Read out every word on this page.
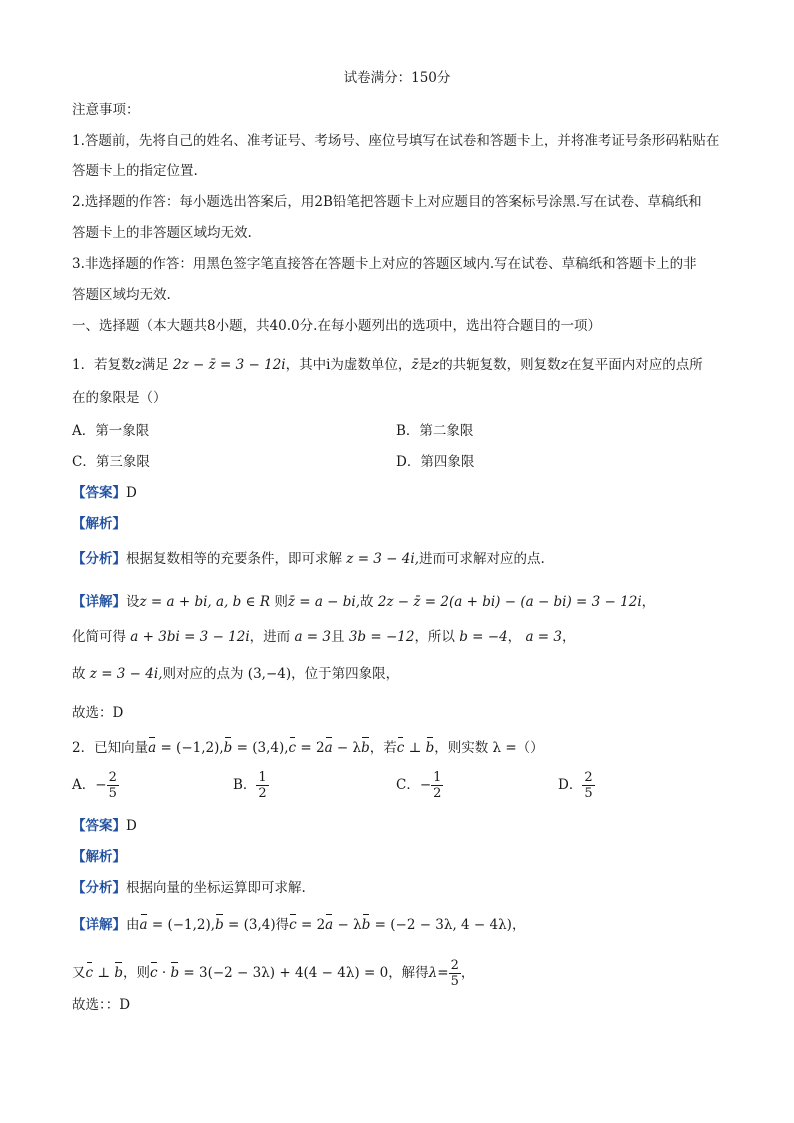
试卷满分：150分
注意事项：
1.答题前，先将自己的姓名、准考证号、考场号、座位号填写在试卷和答题卡上，并将准考证号条形码粘贴在
答题卡上的指定位置.
2.选择题的作答：每小题选出答案后，用2B铅笔把答题卡上对应题目的答案标号涂黑.写在试卷、草稿纸和
答题卡上的非答题区域均无效.
3.非选择题的作答：用黑色签字笔直接答在答题卡上对应的答题区域内.写在试卷、草稿纸和答题卡上的非
答题区域均无效.
一、选择题（本大题共8小题，共40.0分.在每小题列出的选项中，选出符合题目的一项）
1．若复数z满足 2z − z̄ = 3 − 12i，其中i为虚数单位，z̄是z的共轭复数，则复数z在复平面内对应的点所
在的象限是（）
A．第一象限	B．第二象限
C．第三象限	D．第四象限
【答案】D
【解析】
【分析】根据复数相等的充要条件，即可求解 z = 3 − 4i,进而可求解对应的点.
【详解】设z = a + bi, a, b ∈ R 则z̄ = a − bi,故 2z − z̄ = 2(a + bi) − (a − bi) = 3 − 12i，
化简可得 a + 3bi = 3 − 12i，进而 a = 3且 3b = −12，所以 b = −4， a = 3，
故 z = 3 − 4i,则对应的点为 (3,−4)，位于第四象限，
故选：D
2．已知向量a = (−1,2),b = (3,4),c = 2a − λb，若c ⊥ b，则实数 λ =（）
A．− $\frac{2}{5}$	B． $\frac{1}{2}$	C．− $\frac{1}{2}$	D． $\frac{2}{5}$
【答案】D
【解析】
【分析】根据向量的坐标运算即可求解.
【详解】由a = (−1,2),b = (3,4)得c = 2a − λb = (−2 − 3λ, 4 − 4λ)，
又c ⊥ b，则c · b = 3(−2 − 3λ) + 4(4 − 4λ) = 0，解得$\lambda= \frac{2}{5}$ ，
故选：：D
